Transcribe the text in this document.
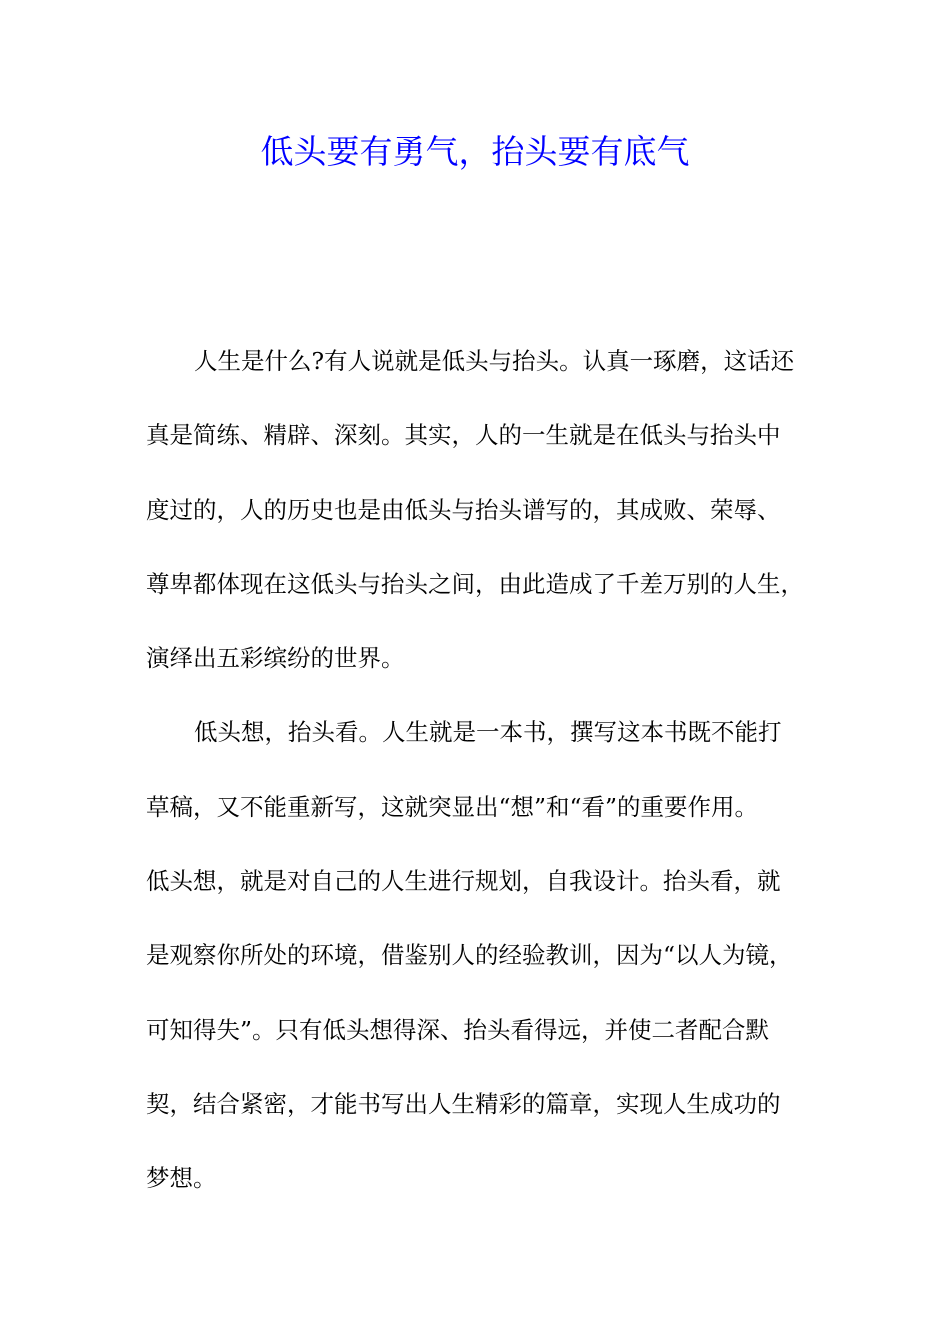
低头要有勇气，抬头要有底气
人生是什么?有人说就是低头与抬头。认真一琢磨，这话还
真是简练、精辟、深刻。其实，人的一生就是在低头与抬头中
度过的，人的历史也是由低头与抬头谱写的，其成败、荣辱、
尊卑都体现在这低头与抬头之间，由此造成了千差万别的人生，
演绎出五彩缤纷的世界。
低头想，抬头看。人生就是一本书，撰写这本书既不能打
草稿，又不能重新写，这就突显出“想”和“看”的重要作用。
低头想，就是对自己的人生进行规划，自我设计。抬头看，就
是观察你所处的环境，借鉴别人的经验教训，因为“以人为镜，
可知得失”。只有低头想得深、抬头看得远，并使二者配合默
契，结合紧密，才能书写出人生精彩的篇章，实现人生成功的
梦想。
